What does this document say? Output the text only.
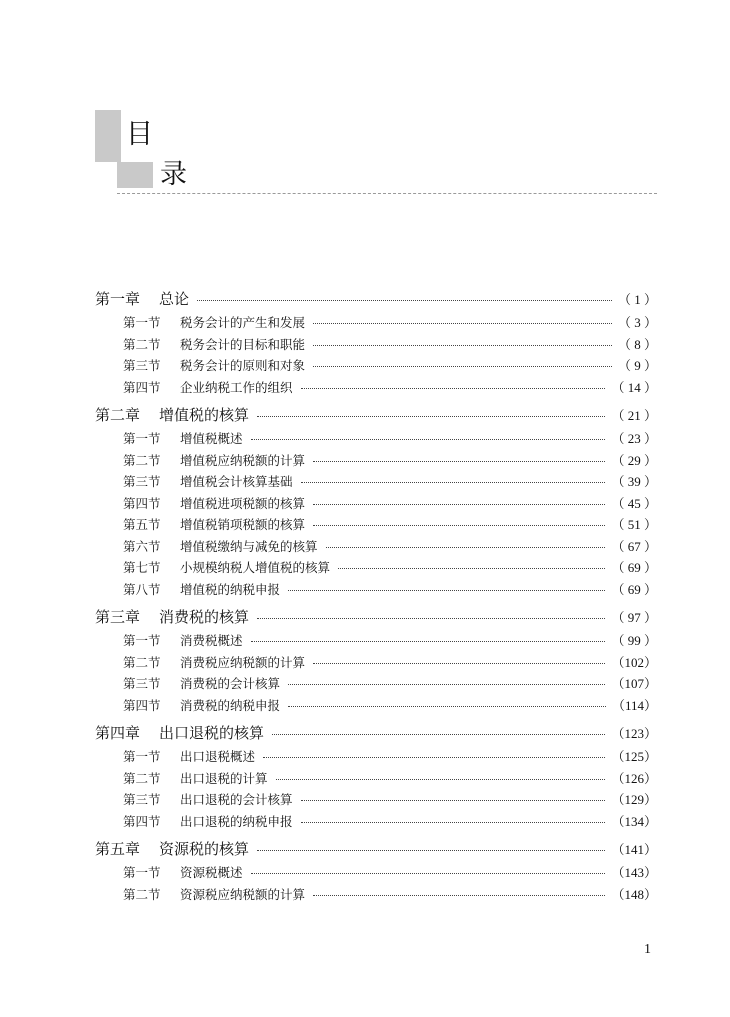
目
录
第一章	总论	（ 1 ）
第一节	税务会计的产生和发展	（ 3 ）
第二节	税务会计的目标和职能	（ 8 ）
第三节	税务会计的原则和对象	（ 9 ）
第四节	企业纳税工作的组织	（ 14 ）
第二章	增值税的核算	（ 21 ）
第一节	增值税概述	（ 23 ）
第二节	增值税应纳税额的计算	（ 29 ）
第三节	增值税会计核算基础	（ 39 ）
第四节	增值税进项税额的核算	（ 45 ）
第五节	增值税销项税额的核算	（ 51 ）
第六节	增值税缴纳与减免的核算	（ 67 ）
第七节	小规模纳税人增值税的核算	（ 69 ）
第八节	增值税的纳税申报	（ 69 ）
第三章	消费税的核算	（ 97 ）
第一节	消费税概述	（ 99 ）
第二节	消费税应纳税额的计算	（102）
第三节	消费税的会计核算	（107）
第四节	消费税的纳税申报	（114）
第四章	出口退税的核算	（123）
第一节	出口退税概述	（125）
第二节	出口退税的计算	（126）
第三节	出口退税的会计核算	（129）
第四节	出口退税的纳税申报	（134）
第五章	资源税的核算	（141）
第一节	资源税概述	（143）
第二节	资源税应纳税额的计算	（148）
1
